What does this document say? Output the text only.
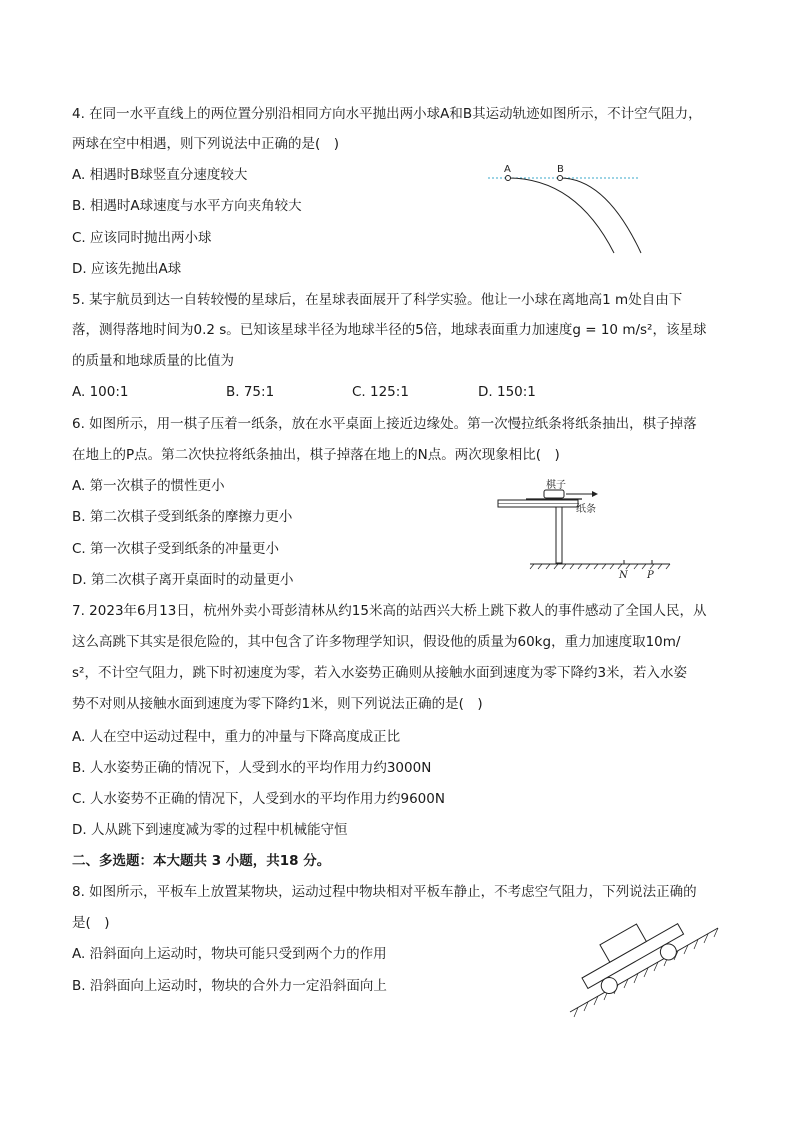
4. 在同一水平直线上的两位置分别沿相同方向水平抛出两小球A和B其运动轨迹如图所示，不计空气阻力，
两球在空中相遇，则下列说法中正确的是(　)
A. 相遇时B球竖直分速度较大
B. 相遇时A球速度与水平方向夹角较大
C. 应该同时抛出两小球
D. 应该先抛出A球
A	B
5. 某宇航员到达一自转较慢的星球后，在星球表面展开了科学实验。他让一小球在离地高1 m处自由下
落，测得落地时间为0.2 s。已知该星球半径为地球半径的5倍，地球表面重力加速度g = 10 m/s²，该星球
的质量和地球质量的比值为
A. 100:1	B. 75:1	C. 125:1	D. 150:1
6. 如图所示，用一棋子压着一纸条，放在水平桌面上接近边缘处。第一次慢拉纸条将纸条抽出，棋子掉落
在地上的P点。第二次快拉将纸条抽出，棋子掉落在地上的N点。两次现象相比(　)
A. 第一次棋子的惯性更小
B. 第二次棋子受到纸条的摩擦力更小
C. 第一次棋子受到纸条的冲量更小
D. 第二次棋子离开桌面时的动量更小
棋子
纸条
N P
7. 2023年6月13日，杭州外卖小哥彭清林从约15米高的站西兴大桥上跳下救人的事件感动了全国人民，从
这么高跳下其实是很危险的，其中包含了许多物理学知识，假设他的质量为60kg，重力加速度取10m/
s²，不计空气阻力，跳下时初速度为零，若入水姿势正确则从接触水面到速度为零下降约3米，若入水姿
势不对则从接触水面到速度为零下降约1米，则下列说法正确的是(　)
A. 人在空中运动过程中，重力的冲量与下降高度成正比
B. 人水姿势正确的情况下，人受到水的平均作用力约3000N
C. 人水姿势不正确的情况下，人受到水的平均作用力约9600N
D. 人从跳下到速度减为零的过程中机械能守恒
二、多选题：本大题共 3 小题，共18 分。
8. 如图所示，平板车上放置某物块，运动过程中物块相对平板车静止，不考虑空气阻力，下列说法正确的
是(　)
A. 沿斜面向上运动时，物块可能只受到两个力的作用
B. 沿斜面向上运动时，物块的合外力一定沿斜面向上
